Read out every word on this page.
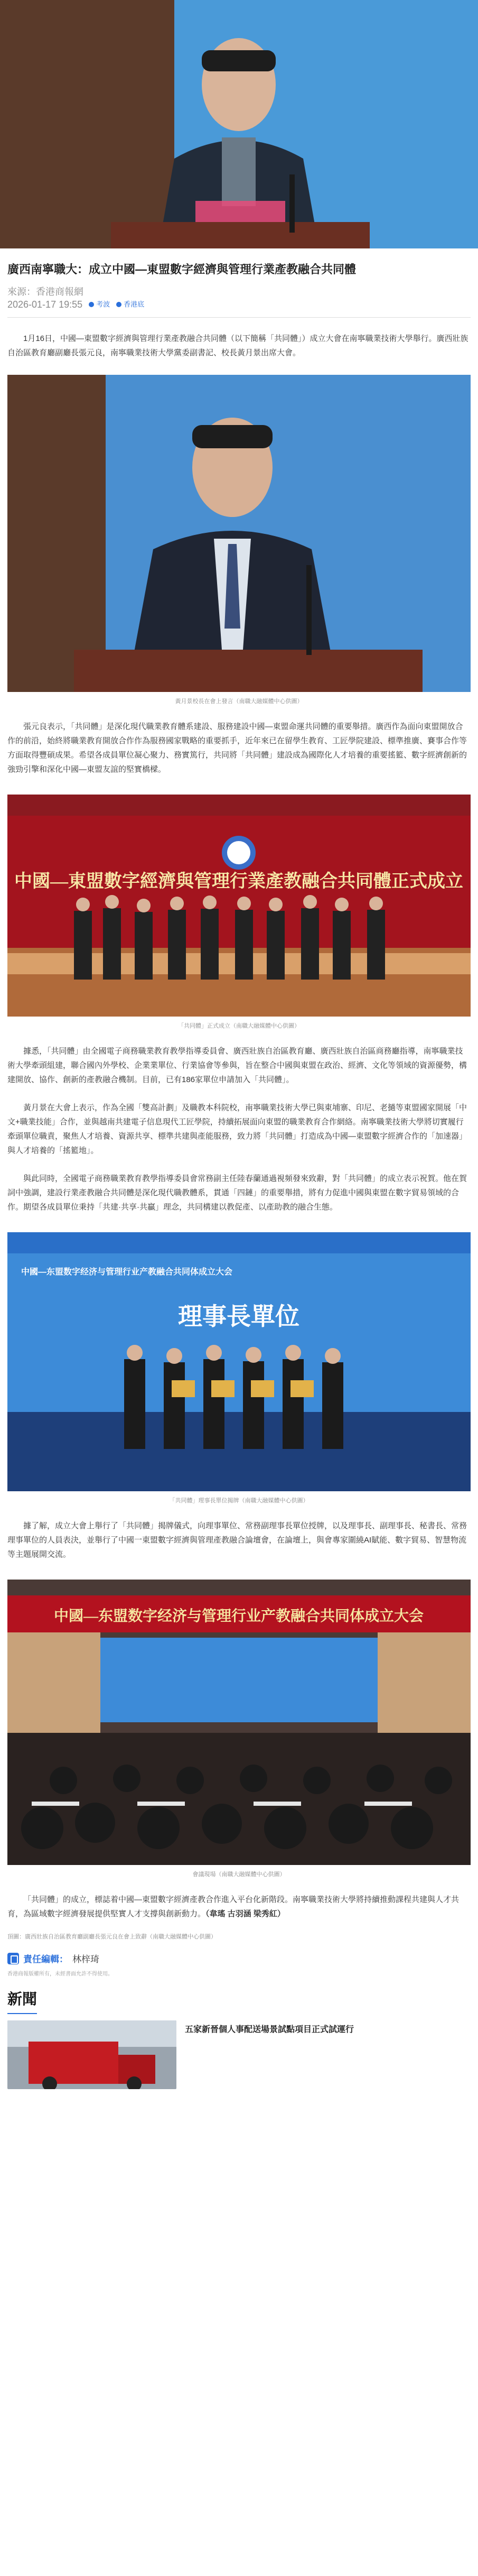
廣西南寧職大：成立中國—東盟數字經濟與管理行業產教融合共同體
來源：香港商報網
2026-01-17 19:55 考波 香港底

1月16日，中國—東盟數字經濟與管理行業產教融合共同體（以下簡稱「共同體」）成立大會在南寧職業技術大學舉行。廣西壯族自治區教育廳副廳長張元良，南寧職業技術大學黨委副書記、校長黃月景出席大會。

黃月景校長在會上發言（南職大融媒體中心供圖）

張元良表示，「共同體」是深化現代職業教育體系建設、服務建設中國—東盟命運共同體的重要舉措。廣西作為面向東盟開放合作的前沿，始終將職業教育開放合作作為服務國家戰略的重要抓手，近年來已在留學生教育、工匠學院建設、標準推廣、賽事合作等方面取得豐碩成果。希望各成員單位凝心聚力、務實篤行，共同將「共同體」建設成為國際化人才培養的重要搖籃、數字經濟創新的強勁引擎和深化中國—東盟友誼的堅實橋樑。

中國—東盟數字經濟與管理行業產教融合共同體正式成立
「共同體」正式成立（南職大融媒體中心供圖）

據悉，「共同體」由全國電子商務職業教育教學指導委員會、廣西壯族自治區教育廳、廣西壯族自治區商務廳指導，南寧職業技術大學牽頭組建，聯合國內外學校、企業業單位、行業協會等參與，旨在整合中國與東盟在政治、經濟、文化等領域的資源優勢，構建開放、協作、創新的產教融合機制。目前，已有186家單位申請加入「共同體」。

黃月景在大會上表示，作為全國「雙高計劃」及職教本科院校，南寧職業技術大學已與東埔寨、印尼、老撾等東盟國家開展「中文+職業技能」合作，並與越南共建電子信息現代工匠學院，持續拓展面向東盟的職業教育合作網絡。南寧職業技術大學將切實履行牽頭單位職責，聚焦人才培養、資源共享、標準共建與產能服務，致力將「共同體」打造成為中國—東盟數字經濟合作的「加速器」與人才培養的「搖籃地」。

與此同時，全國電子商務職業教育教學指導委員會常務副主任陸春蘭通過視頻發來致辭，對「共同體」的成立表示祝賀。他在賀詞中強調，建設行業產教融合共同體是深化現代職教體系，貫通「四鏈」的重要舉措，將有力促進中國與東盟在數字貿易領域的合作。期望各成員單位秉持「共建·共享·共贏」理念，共同構建以教促產、以產助教的融合生態。

中國—东盟数字经济与管理行业产教融合共同体成立大会
理事長單位
「共同體」理事長單位揭牌（南職大融媒體中心供圖）

據了解，成立大會上舉行了「共同體」揭牌儀式，向理事單位、常務副理事長單位授牌，以及理事長、副理事長、秘書長、常務理事單位的人員表決，並舉行了中國一東盟數字經濟與管理產教融合論壇會，在論壇上，與會專家圍繞AI賦能、數字貿易、智慧物流等主題展開交流。

中國—东盟数字经济与管理行业产教融合共同体成立大会
會議現場（南職大融媒體中心供圖）

「共同體」的成立，標誌着中國—東盟數字經濟產教合作進入平台化新階段。南寧職業技術大學將持續推動課程共建與人才共育，為區域數字經濟發展提供堅實人才支撐與創新動力。（韋瑤 古羽涵 梁秀紅）

頂圖：廣西壯族自治區教育廳副廳長張元良在會上致辭（南職大融媒體中心供圖）
責任編輯： 林梓琦
香港商報版權所有，未經書面允許不得使用。
新聞
五家新晉個人事配送場景試點項目正式試運行
